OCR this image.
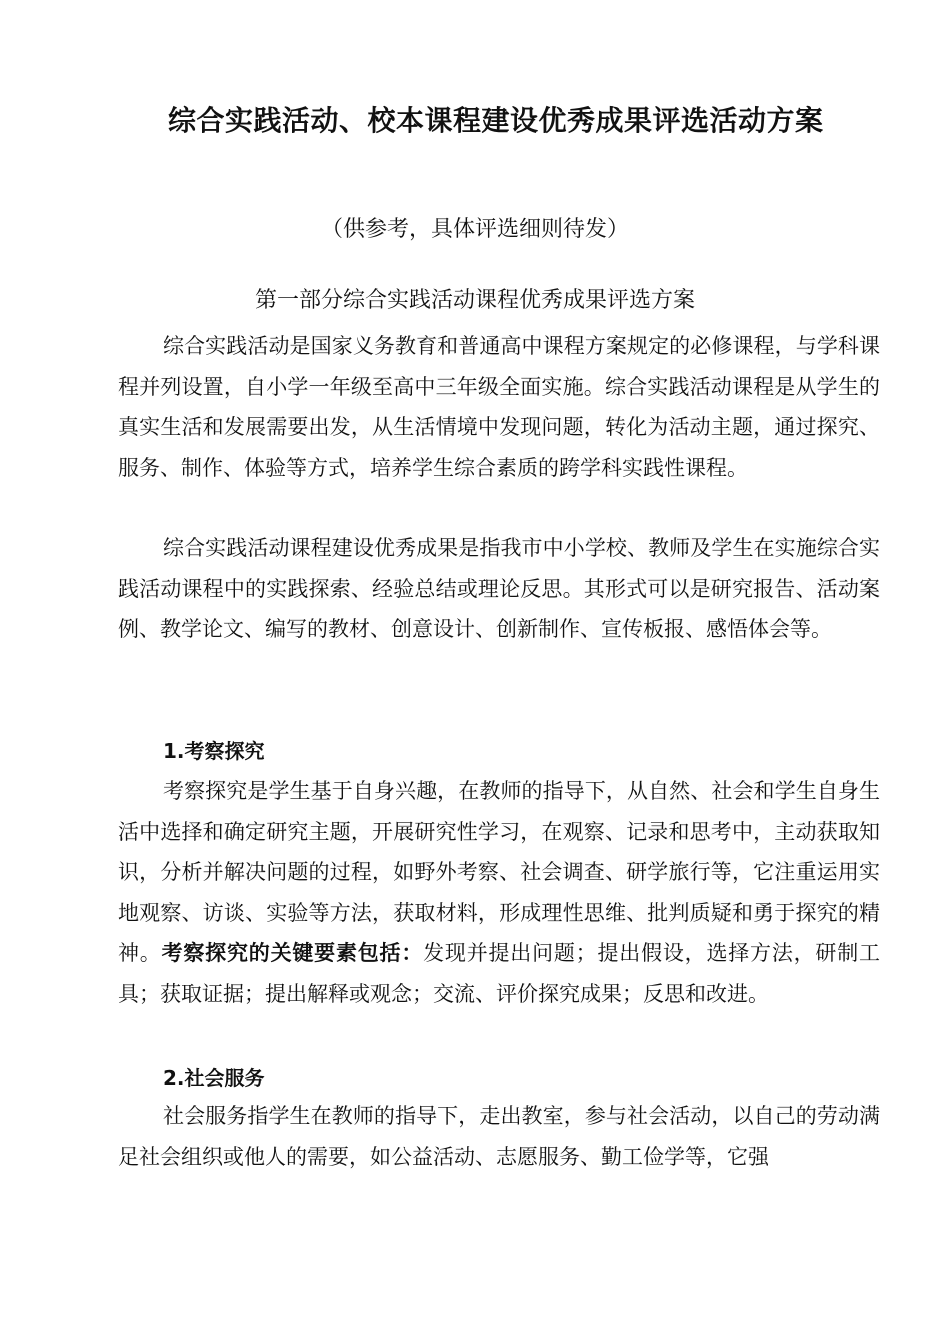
综合实践活动、校本课程建设优秀成果评选活动方案

（供参考，具体评选细则待发）

第一部分综合实践活动课程优秀成果评选方案

综合实践活动是国家义务教育和普通高中课程方案规定的必修课程，与学科课程并列设置，自小学一年级至高中三年级全面实施。综合实践活动课程是从学生的真实生活和发展需要出发，从生活情境中发现问题，转化为活动主题，通过探究、服务、制作、体验等方式，培养学生综合素质的跨学科实践性课程。

综合实践活动课程建设优秀成果是指我市中小学校、教师及学生在实施综合实践活动课程中的实践探索、经验总结或理论反思。其形式可以是研究报告、活动案例、教学论文、编写的教材、创意设计、创新制作、宣传板报、感悟体会等。

1.考察探究

考察探究是学生基于自身兴趣，在教师的指导下，从自然、社会和学生自身生活中选择和确定研究主题，开展研究性学习，在观察、记录和思考中，主动获取知识，分析并解决问题的过程，如野外考察、社会调查、研学旅行等，它注重运用实地观察、访谈、实验等方法，获取材料，形成理性思维、批判质疑和勇于探究的精神。考察探究的关键要素包括：发现并提出问题；提出假设，选择方法，研制工具；获取证据；提出解释或观念；交流、评价探究成果；反思和改进。

2.社会服务

社会服务指学生在教师的指导下，走出教室，参与社会活动，以自己的劳动满足社会组织或他人的需要，如公益活动、志愿服务、勤工俭学等，它强
